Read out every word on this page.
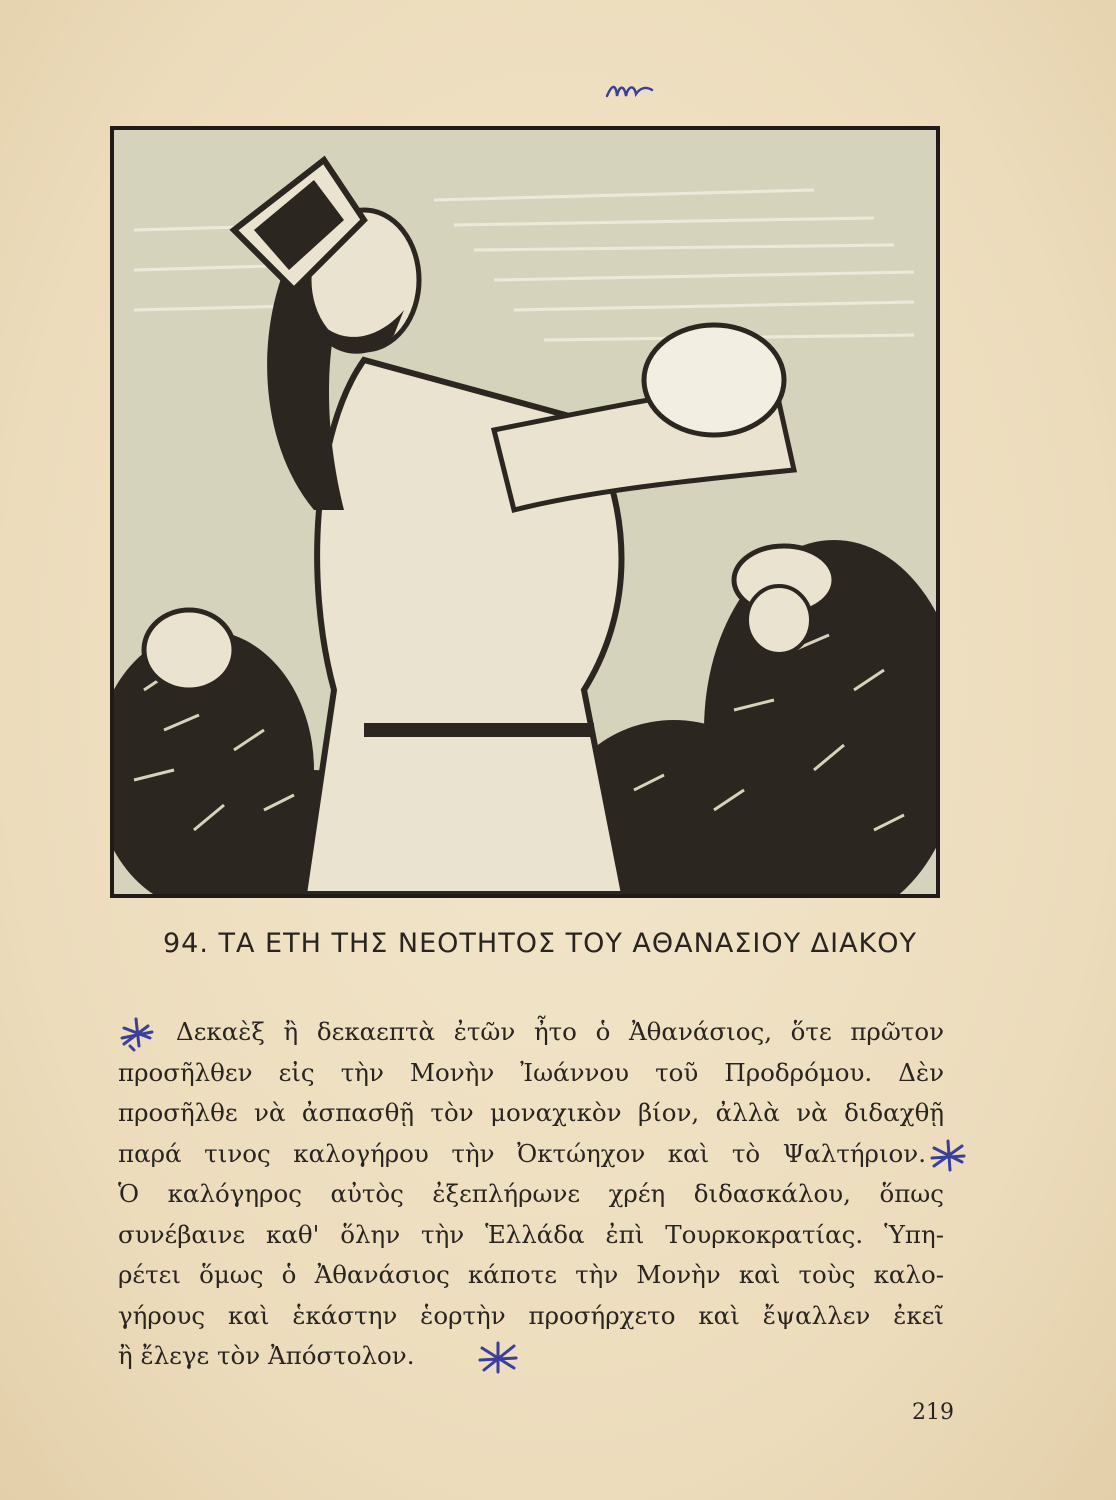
94. ΤΑ ΕΤΗ ΤΗΣ ΝΕΟΤΗΤΟΣ ΤΟΥ ΑΘΑΝΑΣΙΟΥ ΔΙΑΚΟΥ
Δεκαὲξ ἢ δεκαεπτὰ ἐτῶν ἦτο ὁ Ἀθανάσιος, ὅτε πρῶτον
προσῆλθεν εἰς τὴν Μονὴν Ἰωάννου τοῦ Προδρόμου. Δὲν
προσῆλθε νὰ ἀσπασθῇ τὸν μοναχικὸν βίον, ἀλλὰ νὰ διδαχθῇ
παρά τινος καλογήρου τὴν Ὀκτώηχον καὶ τὸ Ψαλτήριον.
Ὁ καλόγηρος αὐτὸς ἐξεπλήρωνε χρέη διδασκάλου, ὅπως
συνέβαινε καθ' ὅλην τὴν Ἑλλάδα ἐπὶ Τουρκοκρατίας. Ὑπη-
ρέτει ὅμως ὁ Ἀθανάσιος κάποτε τὴν Μονὴν καὶ τοὺς καλο-
γήρους καὶ ἑκάστην ἑορτὴν προσήρχετο καὶ ἔψαλλεν ἐκεῖ
ἢ ἔλεγε τὸν Ἀπόστολον.
219
